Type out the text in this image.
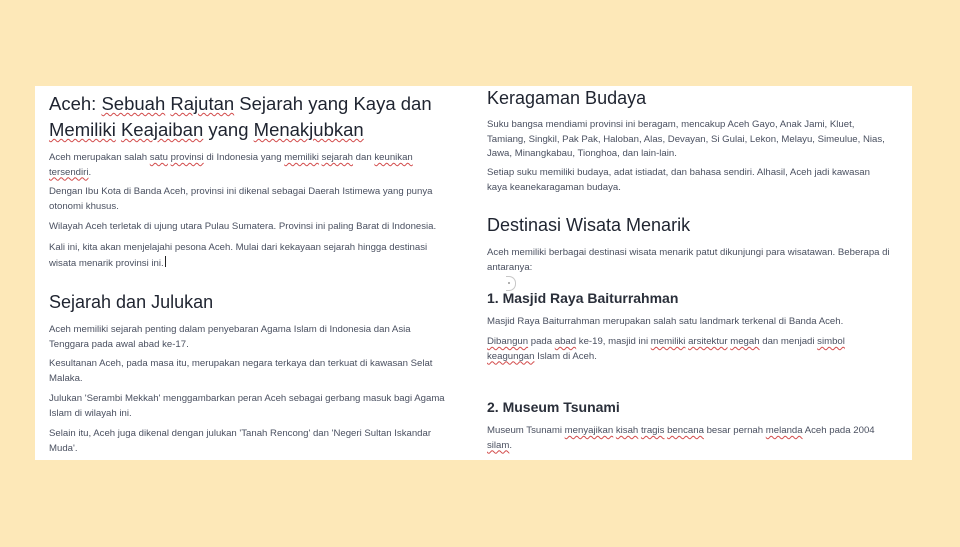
Aceh: Sebuah Rajutan Sejarah yang Kaya dan Memiliki Keajaiban yang Menakjubkan

Aceh merupakan salah satu provinsi di Indonesia yang memiliki sejarah dan keunikan tersendiri.

Dengan Ibu Kota di Banda Aceh, provinsi ini dikenal sebagai Daerah Istimewa yang punya otonomi khusus.

Wilayah Aceh terletak di ujung utara Pulau Sumatera. Provinsi ini paling Barat di Indonesia.

Kali ini, kita akan menjelajahi pesona Aceh. Mulai dari kekayaan sejarah hingga destinasi wisata menarik provinsi ini.

Sejarah dan Julukan

Aceh memiliki sejarah penting dalam penyebaran Agama Islam di Indonesia dan Asia Tenggara pada awal abad ke-17.

Kesultanan Aceh, pada masa itu, merupakan negara terkaya dan terkuat di kawasan Selat Malaka.

Julukan 'Serambi Mekkah' menggambarkan peran Aceh sebagai gerbang masuk bagi Agama Islam di wilayah ini.

Selain itu, Aceh juga dikenal dengan julukan 'Tanah Rencong' dan 'Negeri Sultan Iskandar Muda'.

Keragaman Budaya

Suku bangsa mendiami provinsi ini beragam, mencakup Aceh Gayo, Anak Jami, Kluet, Tamiang, Singkil, Pak Pak, Haloban, Alas, Devayan, Si Gulai, Lekon, Melayu, Simeulue, Nias, Jawa, Minangkabau, Tionghoa, dan lain-lain.

Setiap suku memiliki budaya, adat istiadat, dan bahasa sendiri. Alhasil, Aceh jadi kawasan kaya keanekaragaman budaya.

Destinasi Wisata Menarik

Aceh memiliki berbagai destinasi wisata menarik patut dikunjungi para wisatawan. Beberapa di antaranya:

1. Masjid Raya Baiturrahman

Masjid Raya Baiturrahman merupakan salah satu landmark terkenal di Banda Aceh.

Dibangun pada abad ke-19, masjid ini memiliki arsitektur megah dan menjadi simbol keagungan Islam di Aceh.

2. Museum Tsunami

Museum Tsunami menyajikan kisah tragis bencana besar pernah melanda Aceh pada 2004 silam.
